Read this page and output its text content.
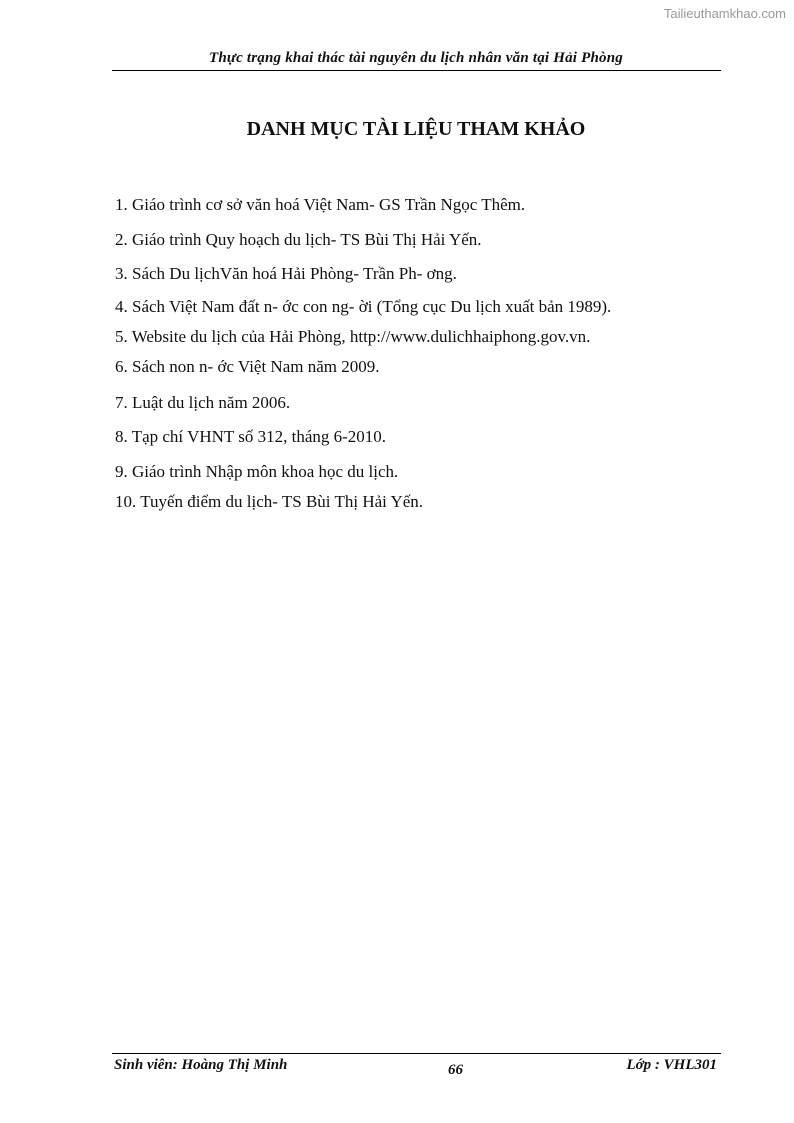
Tailieuthamkhao.com
Thực trạng khai thác tài nguyên du lịch nhân văn tại Hải Phòng
DANH MỤC TÀI LIỆU THAM KHẢO
1. Giáo trình cơ sở văn hoá Việt Nam- GS Trần Ngọc Thêm.
2. Giáo trình Quy hoạch du lịch- TS Bùi Thị Hải Yến.
3. Sách Du lịchVăn hoá Hải Phòng- Trần Ph- ơng.
4. Sách Việt Nam đất n- ớc con ng- ời (Tổng cục Du lịch xuất bản 1989).
5. Website du lịch của Hải Phòng, http://www.dulichhaiphong.gov.vn.
6. Sách non n- ớc Việt Nam năm 2009.
7. Luật du lịch năm 2006.
8. Tạp chí VHNT số 312, tháng 6-2010.
9. Giáo trình Nhập môn khoa học du lịch.
10. Tuyến điểm du lịch- TS Bùi Thị Hải Yến.
Sinh viên: Hoàng Thị Minh	66	Lớp : VHL301
